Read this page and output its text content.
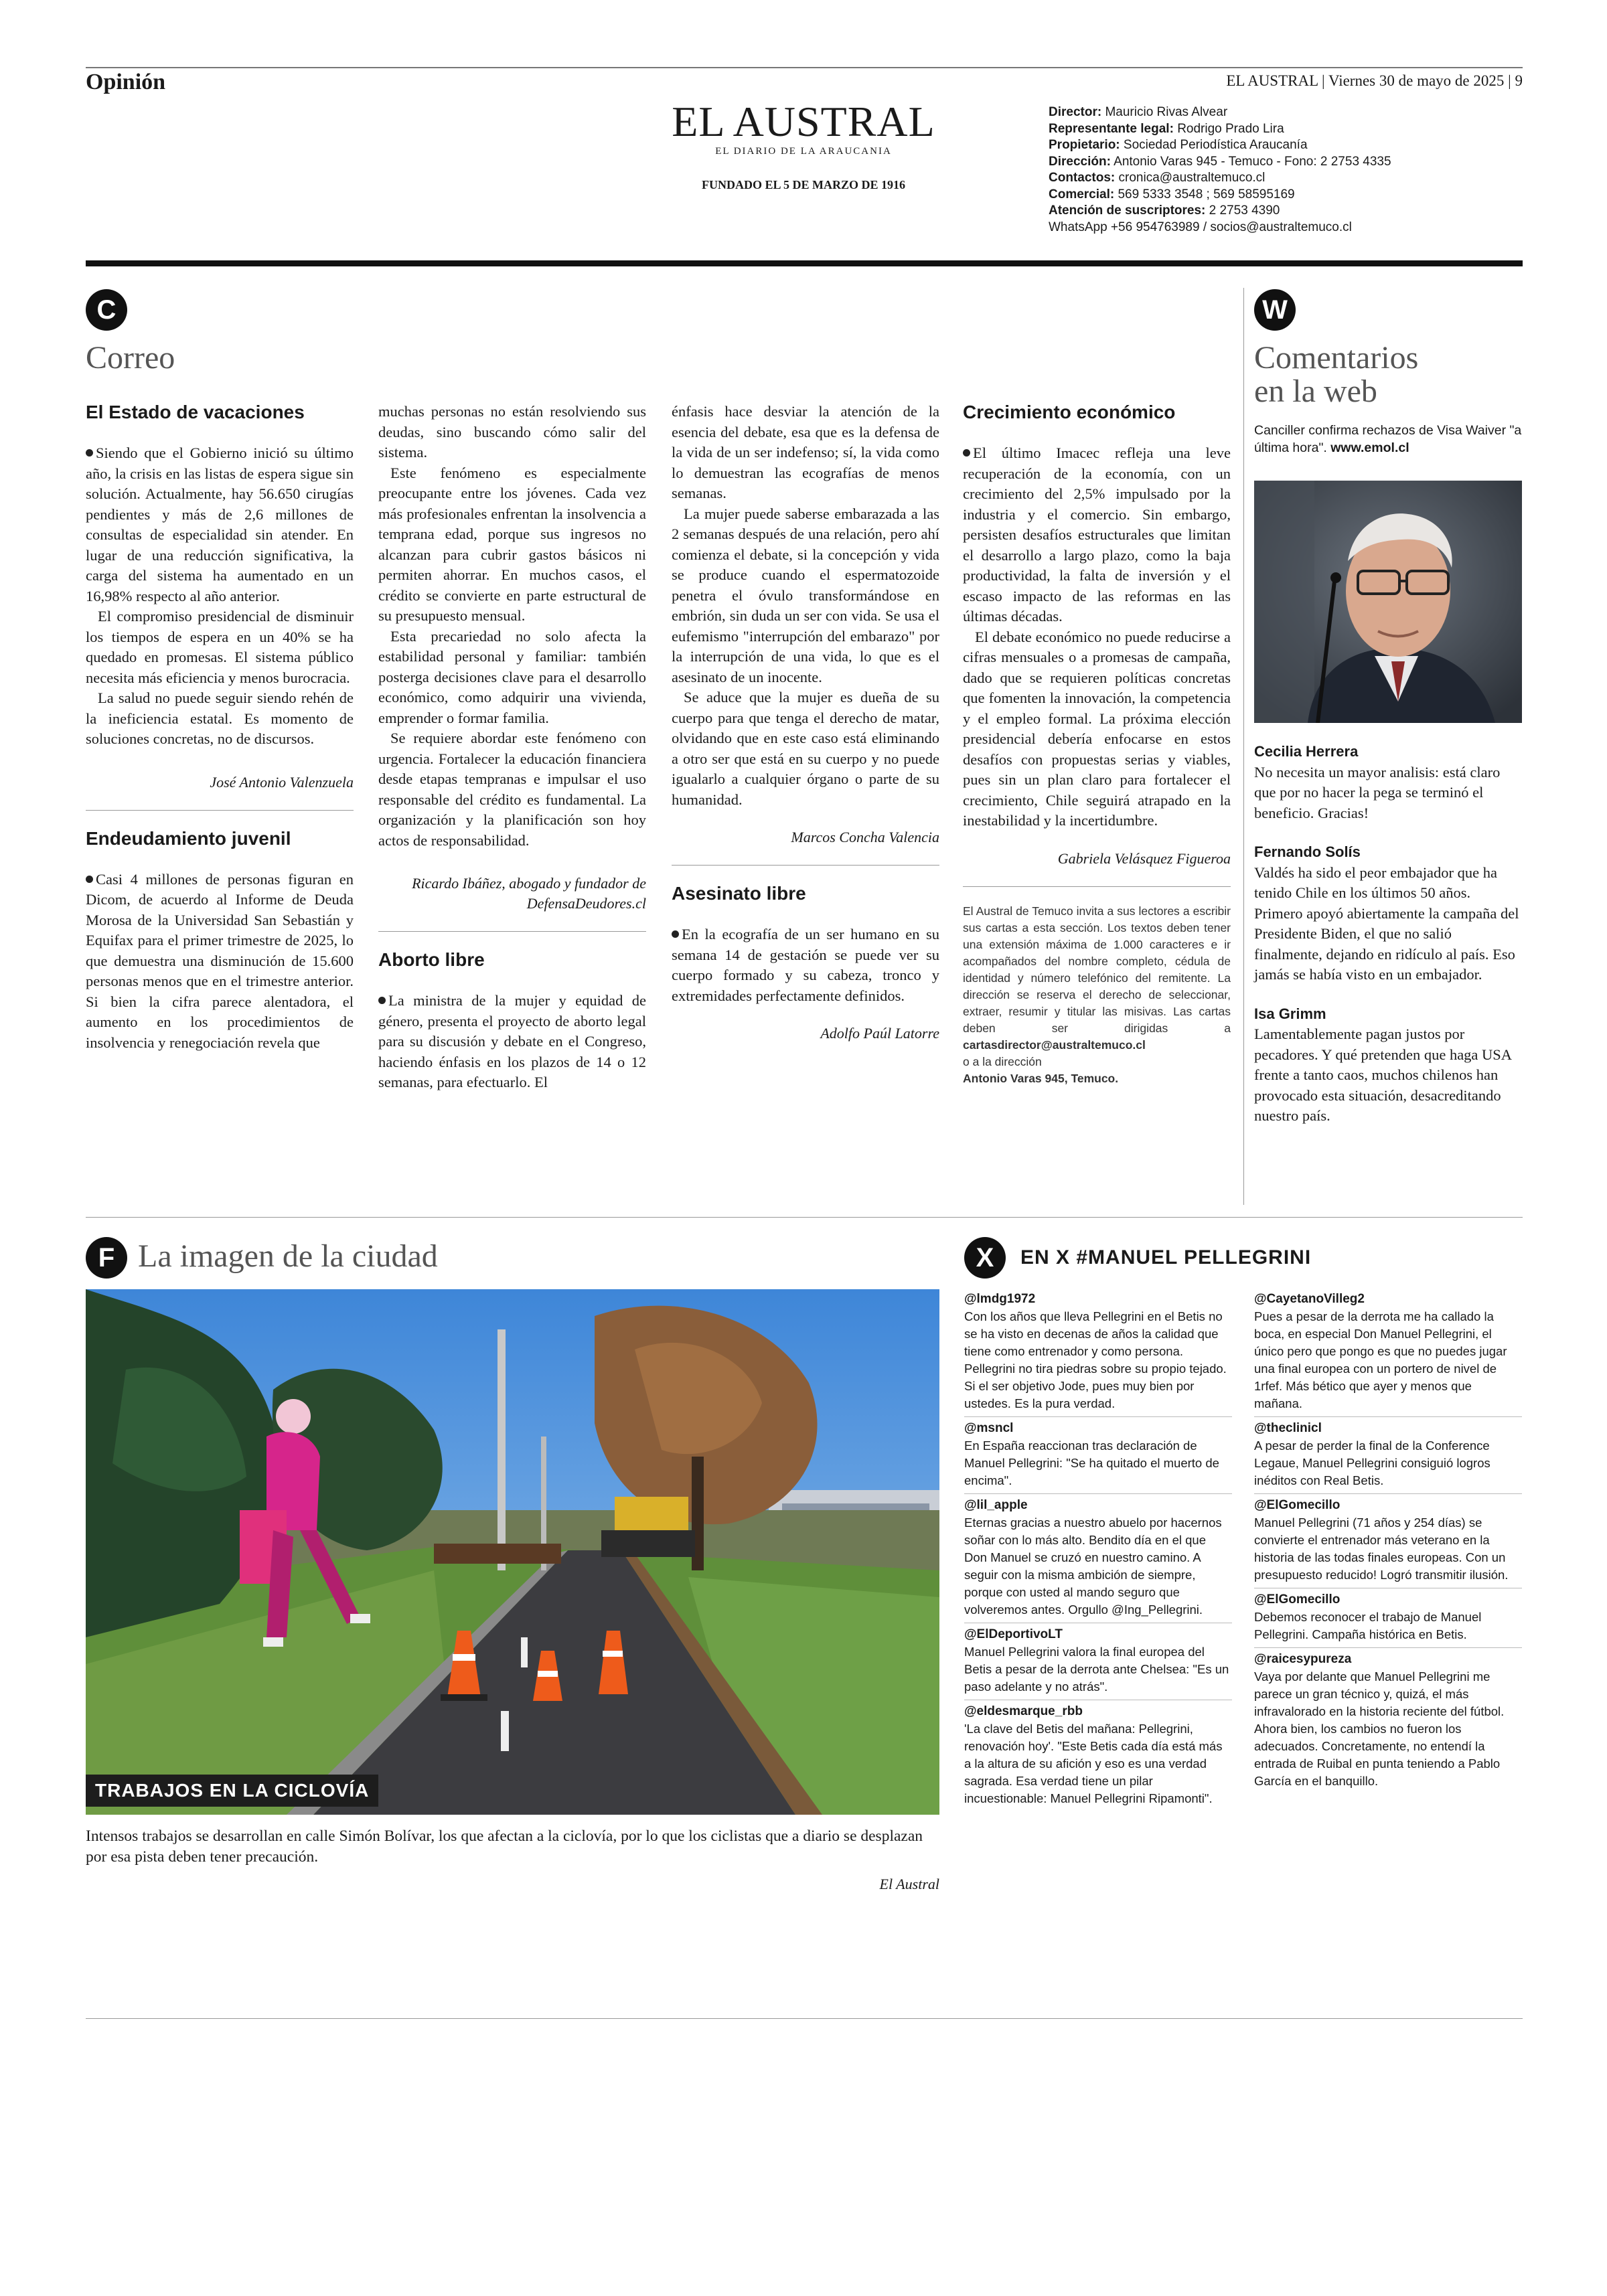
Opinión	EL AUSTRAL | Viernes 30 de mayo de 2025 | 9
EL AUSTRAL
EL DIARIO DE LA ARAUCANIA
FUNDADO EL 5 DE MARZO DE 1916
Director: Mauricio Rivas Alvear
Representante legal: Rodrigo Prado Lira
Propietario: Sociedad Periodística Araucanía
Dirección: Antonio Varas 945 - Temuco - Fono: 2 2753 4335
Contactos: cronica@australtemuco.cl
Comercial: 569 5333 3548 ; 569 58595169
Atención de suscriptores: 2 2753 4390
WhatsApp +56 954763989 / socios@australtemuco.cl
C
Correo
El Estado de vacaciones

Siendo que el Gobierno inició su último año, la crisis en las listas de espera sigue sin solución. Actualmente, hay 56.650 cirugías pendientes y más de 2,6 millones de consultas de especialidad sin atender. En lugar de una reducción significativa, la carga del sistema ha aumentado en un 16,98% respecto al año anterior.

El compromiso presidencial de disminuir los tiempos de espera en un 40% se ha quedado en promesas. El sistema público necesita más eficiencia y menos burocracia.

La salud no puede seguir siendo rehén de la ineficiencia estatal. Es momento de soluciones concretas, no de discursos.

José Antonio Valenzuela
Endeudamiento juvenil

Casi 4 millones de personas figuran en Dicom, de acuerdo al Informe de Deuda Morosa de la Universidad San Sebastián y Equifax para el primer trimestre de 2025, lo que demuestra una disminución de 15.600 personas menos que en el trimestre anterior. Si bien la cifra parece alentadora, el aumento en los procedimientos de insolvencia y renegociación revela que

muchas personas no están resolviendo sus deudas, sino buscando cómo salir del sistema.

Este fenómeno es especialmente preocupante entre los jóvenes. Cada vez más profesionales enfrentan la insolvencia a temprana edad, porque sus ingresos no alcanzan para cubrir gastos básicos ni permiten ahorrar. En muchos casos, el crédito se convierte en parte estructural de su presupuesto mensual.

Esta precariedad no solo afecta la estabilidad personal y familiar: también posterga decisiones clave para el desarrollo económico, como adquirir una vivienda, emprender o formar familia.

Se requiere abordar este fenómeno con urgencia. Fortalecer la educación financiera desde etapas tempranas e impulsar el uso responsable del crédito es fundamental. La organización y la planificación son hoy actos de responsabilidad.

Ricardo Ibáñez, abogado y fundador de DefensaDeudores.cl
Aborto libre

La ministra de la mujer y equidad de género, presenta el proyecto de aborto legal para su discusión y debate en el Congreso, haciendo énfasis en los plazos de 14 o 12 semanas, para efectuarlo. El

énfasis hace desviar la atención de la esencia del debate, esa que es la defensa de la vida de un ser indefenso; sí, la vida como lo demuestran las ecografías de menos semanas.

La mujer puede saberse embarazada a las 2 semanas después de una relación, pero ahí comienza el debate, si la concepción y vida se produce cuando el espermatozoide penetra el óvulo transformándose en embrión, sin duda un ser con vida. Se usa el eufemismo "interrupción del embarazo" por la interrupción de una vida, lo que es el asesinato de un inocente.

Se aduce que la mujer es dueña de su cuerpo para que tenga el derecho de matar, olvidando que en este caso está eliminando a otro ser que está en su cuerpo y no puede igualarlo a cualquier órgano o parte de su humanidad.

Marcos Concha Valencia
Asesinato libre

En la ecografía de un ser humano en su semana 14 de gestación se puede ver su cuerpo formado y su cabeza, tronco y extremidades perfectamente definidos.

Adolfo Paúl Latorre
Crecimiento económico

El último Imacec refleja una leve recuperación de la economía, con un crecimiento del 2,5% impulsado por la industria y el comercio. Sin embargo, persisten desafíos estructurales que limitan el desarrollo a largo plazo, como la baja productividad, la falta de inversión y el escaso impacto de las reformas en las últimas décadas.

El debate económico no puede reducirse a cifras mensuales o a promesas de campaña, dado que se requieren políticas concretas que fomenten la innovación, la competencia y el empleo formal. La próxima elección presidencial debería enfocarse en estos desafíos con propuestas serias y viables, pues sin un plan claro para fortalecer el crecimiento, Chile seguirá atrapado en la inestabilidad y la incertidumbre.

Gabriela Velásquez Figueroa
El Austral de Temuco invita a sus lectores a escribir sus cartas a esta sección. Los textos deben tener una extensión máxima de 1.000 caracteres e ir acompañados del nombre completo, cédula de identidad y número telefónico del remitente. La dirección se reserva el derecho de seleccionar, extraer, resumir y titular las misivas. Las cartas deben ser dirigidas a cartasdirector@australtemuco.cl
o a la dirección
Antonio Varas 945, Temuco.
W
Comentarios
en la web
Canciller confirma rechazos de Visa Waiver "a última hora". www.emol.cl
Cecilia Herrera
No necesita un mayor analisis: está claro que por no hacer la pega se terminó el beneficio. Gracias!
Fernando Solís
Valdés ha sido el peor embajador que ha tenido Chile en los últimos 50 años. Primero apoyó abiertamente la campaña del Presidente Biden, el que no salió finalmente, dejando en ridículo al país. Eso jamás se había visto en un embajador.
Isa Grimm
Lamentablemente pagan justos por pecadores. Y qué pretenden que haga USA frente a tanto caos, muchos chilenos han provocado esta situación, desacreditando nuestro país.
F La imagen de la ciudad
TRABAJOS EN LA CICLOVÍA
Intensos trabajos se desarrollan en calle Simón Bolívar, los que afectan a la ciclovía, por lo que los ciclistas que a diario se desplazan por esa pista deben tener precaución.
El Austral
X	EN X #MANUEL PELLEGRINI
@lmdg1972
Con los años que lleva Pellegrini en el Betis no se ha visto en decenas de años la calidad que tiene como entrenador y como persona. Pellegrini no tira piedras sobre su propio tejado. Si el ser objetivo Jode, pues muy bien por ustedes. Es la pura verdad.
@msncl
En España reaccionan tras declaración de Manuel Pellegrini: "Se ha quitado el muerto de encima".
@lil_apple
Eternas gracias a nuestro abuelo por hacernos soñar con lo más alto. Bendito día en el que Don Manuel se cruzó en nuestro camino. A seguir con la misma ambición de siempre, porque con usted al mando seguro que volveremos antes. Orgullo @Ing_Pellegrini.
@ElDeportivoLT
Manuel Pellegrini valora la final europea del Betis a pesar de la derrota ante Chelsea: "Es un paso adelante y no atrás".
@eldesmarque_rbb
'La clave del Betis del mañana: Pellegrini, renovación hoy'. "Este Betis cada día está más a la altura de su afición y eso es una verdad sagrada. Esa verdad tiene un pilar incuestionable: Manuel Pellegrini Ripamonti".
@CayetanoVilleg2
Pues a pesar de la derrota me ha callado la boca, en especial Don Manuel Pellegrini, el único pero que pongo es que no puedes jugar una final europea con un portero de nivel de 1rfef. Más bético que ayer y menos que mañana.
@theclinicl
A pesar de perder la final de la Conference Legaue, Manuel Pellegrini consiguió logros inéditos con Real Betis.
@ElGomecillo
Manuel Pellegrini (71 años y 254 días) se convierte el entrenador más veterano en la historia de las todas finales europeas. Con un presupuesto reducido! Logró transmitir ilusión.
@ElGomecillo
Debemos reconocer el trabajo de Manuel Pellegrini. Campaña histórica en Betis.
@raicesypureza
Vaya por delante que Manuel Pellegrini me parece un gran técnico y, quizá, el más infravalorado en la historia reciente del fútbol. Ahora bien, los cambios no fueron los adecuados. Concretamente, no entendí la entrada de Ruibal en punta teniendo a Pablo García en el banquillo.
